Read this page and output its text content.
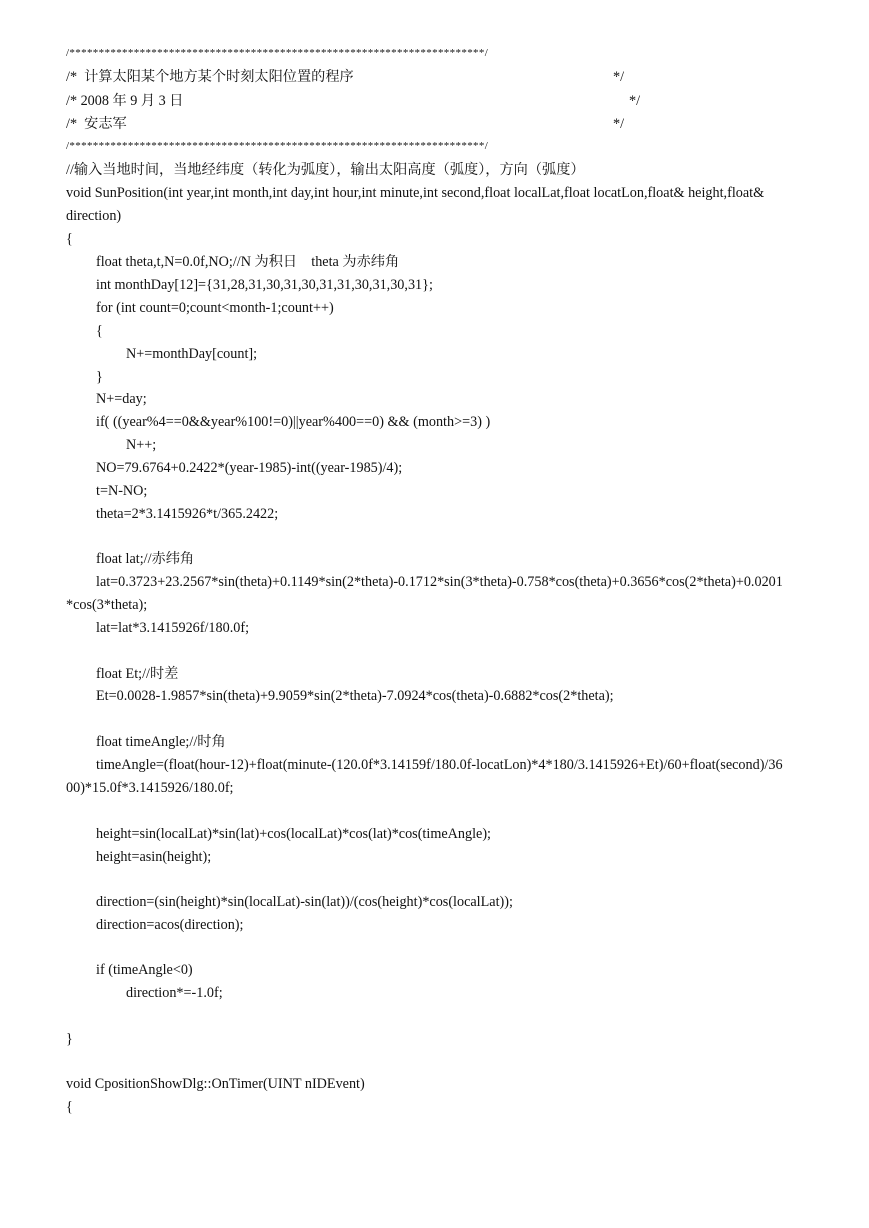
/***********************************************************************/
/*  计算太阳某个地方某个时刻太阳位置的程序	*/
/* 2008 年 9 月 3 日	*/
/*  安志军	*/
/***********************************************************************/
//输入当地时间，当地经纬度（转化为弧度），输出太阳高度（弧度），方向（弧度）
void SunPosition(int year,int month,int day,int hour,int minute,int second,float localLat,float locatLon,float& height,float&
direction)
{
float theta,t,N=0.0f,NO;//N 为积日    theta 为赤纬角
int monthDay[12]={31,28,31,30,31,30,31,31,30,31,30,31};
for (int count=0;count<month-1;count++)
{
N+=monthDay[count];
}
N+=day;
if( ((year%4==0&&year%100!=0)||year%400==0) && (month>=3) )
N++;
NO=79.6764+0.2422*(year-1985)-int((year-1985)/4);
t=N-NO;
theta=2*3.1415926*t/365.2422;
float lat;//赤纬角
lat=0.3723+23.2567*sin(theta)+0.1149*sin(2*theta)-0.1712*sin(3*theta)-0.758*cos(theta)+0.3656*cos(2*theta)+0.0201
*cos(3*theta);
lat=lat*3.1415926f/180.0f;
float Et;//时差
Et=0.0028-1.9857*sin(theta)+9.9059*sin(2*theta)-7.0924*cos(theta)-0.6882*cos(2*theta);
float timeAngle;//时角
timeAngle=(float(hour-12)+float(minute-(120.0f*3.14159f/180.0f-locatLon)*4*180/3.1415926+Et)/60+float(second)/36
00)*15.0f*3.1415926/180.0f;
height=sin(localLat)*sin(lat)+cos(localLat)*cos(lat)*cos(timeAngle);
height=asin(height);
direction=(sin(height)*sin(localLat)-sin(lat))/(cos(height)*cos(localLat));
direction=acos(direction);
if (timeAngle<0)
direction*=-1.0f;
}
void CpositionShowDlg::OnTimer(UINT nIDEvent)
{
